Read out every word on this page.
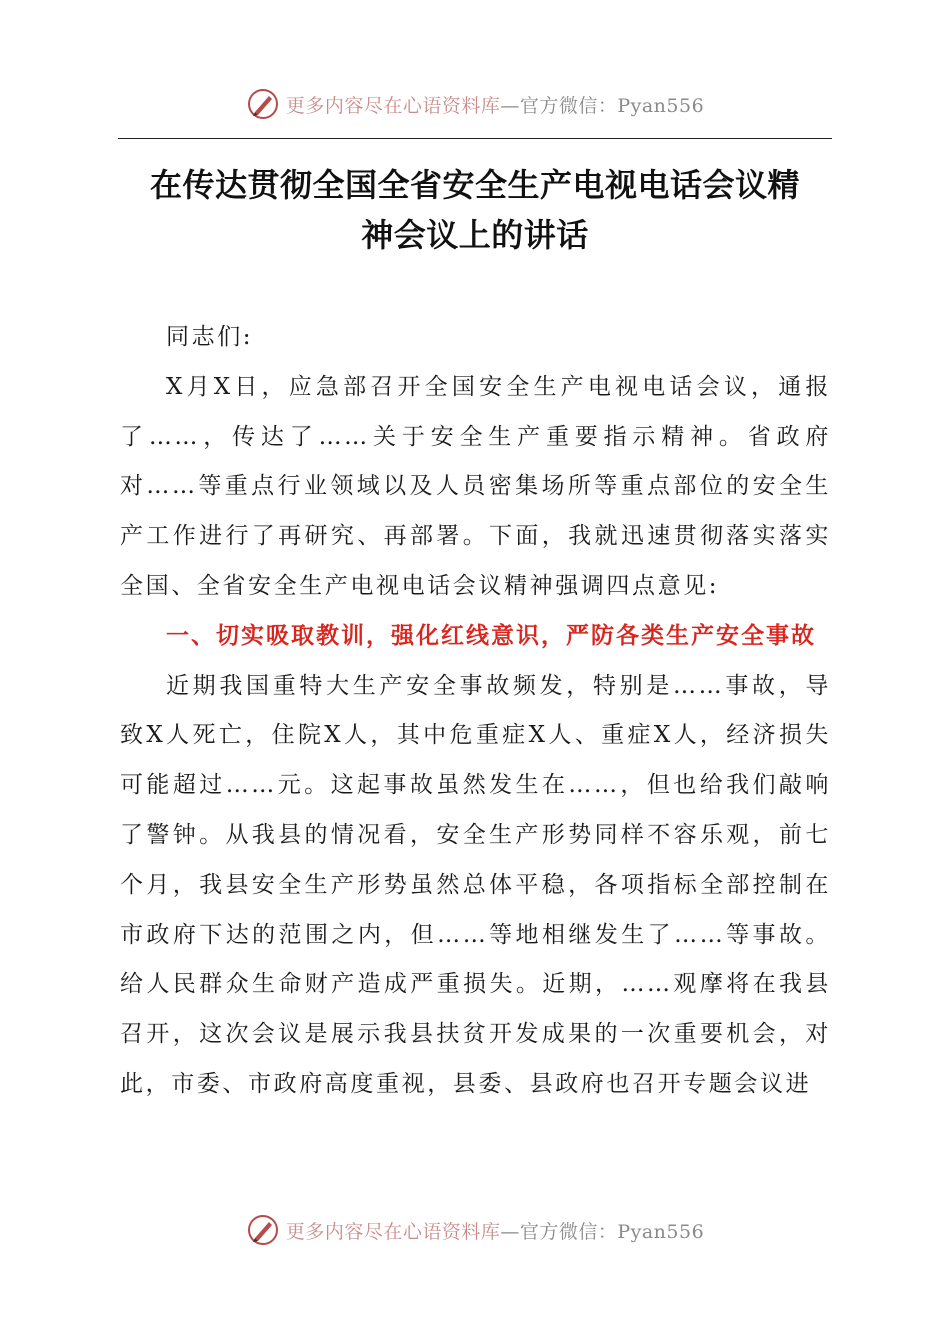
更多内容尽在心语资料库—官方微信：Pyan556
在传达贯彻全国全省安全生产电视电话会议精
神会议上的讲话

同志们:

X月X日，应急部召开全国安全生产电视电话会议，通报了……，传达了……关于安全生产重要指示精神。省政府对……等重点行业领域以及人员密集场所等重点部位的安全生产工作进行了再研究、再部署。下面，我就迅速贯彻落实落实全国、全省安全生产电视电话会议精神强调四点意见:

一、切实吸取教训，强化红线意识，严防各类生产安全事故

近期我国重特大生产安全事故频发，特别是……事故，导致X人死亡，住院X人，其中危重症X人、重症X人，经济损失可能超过……元。这起事故虽然发生在……，但也给我们敲响了警钟。从我县的情况看，安全生产形势同样不容乐观，前七个月，我县安全生产形势虽然总体平稳，各项指标全部控制在市政府下达的范围之内，但……等地相继发生了……等事故。给人民群众生命财产造成严重损失。近期，……观摩将在我县召开，这次会议是展示我县扶贫开发成果的一次重要机会，对此，市委、市政府高度重视，县委、县政府也召开专题会议进

更多内容尽在心语资料库—官方微信：Pyan556
